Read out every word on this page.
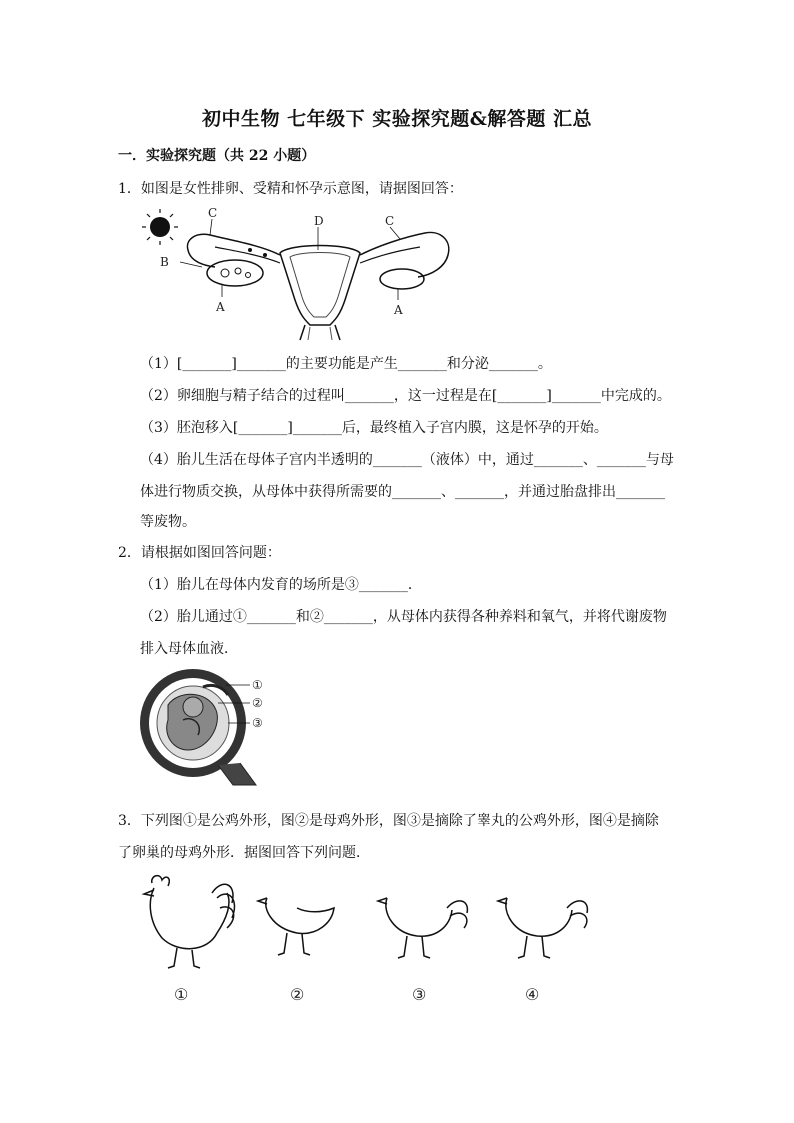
初中生物 七年级下 实验探究题&解答题 汇总
一．实验探究题（共 22 小题）
1．如图是女性排卵、受精和怀孕示意图，请据图回答：
C
D	C
B
A	A
（1）[_______]_______的主要功能是产生_______和分泌_______。
（2）卵细胞与精子结合的过程叫_______，这一过程是在[_______]_______中完成的。
（3）胚泡移入[_______]_______后，最终植入子宫内膜，这是怀孕的开始。
（4）胎儿生活在母体子宫内半透明的_______（液体）中，通过_______、_______与母
体进行物质交换，从母体中获得所需要的_______、_______，并通过胎盘排出_______
等废物。
2．请根据如图回答问题：
（1）胎儿在母体内发育的场所是③_______．
（2）胎儿通过①_______和②_______，从母体内获得各种养料和氧气，并将代谢废物
排入母体血液．
①
②
③
3．下列图①是公鸡外形，图②是母鸡外形，图③是摘除了睾丸的公鸡外形，图④是摘除
了卵巢的母鸡外形．据图回答下列问题．
①	②	③	④
